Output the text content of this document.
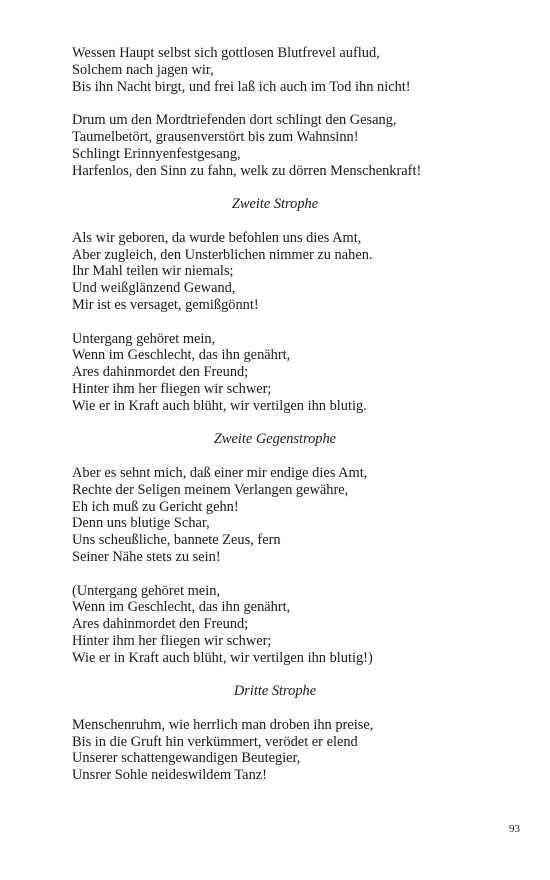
Wessen Haupt selbst sich gottlosen Blutfrevel auflud,
Solchem nach jagen wir,
Bis ihn Nacht birgt, und frei laß ich auch im Tod ihn nicht!
Drum um den Mordtriefenden dort schlingt den Gesang,
Taumelbetört, grausenverstört bis zum Wahnsinn!
Schlingt Erinnyenfestgesang,
Harfenlos, den Sinn zu fahn, welk zu dörren Menschenkraft!
Zweite Strophe
Als wir geboren, da wurde befohlen uns dies Amt,
Aber zugleich, den Unsterblichen nimmer zu nahen.
Ihr Mahl teilen wir niemals;
Und weißglänzend Gewand,
Mir ist es versaget, gemißgönnt!
Untergang gehöret mein,
Wenn im Geschlecht, das ihn genährt,
Ares dahinmordet den Freund;
Hinter ihm her fliegen wir schwer;
Wie er in Kraft auch blüht, wir vertilgen ihn blutig.
Zweite Gegenstrophe
Aber es sehnt mich, daß einer mir endige dies Amt,
Rechte der Seligen meinem Verlangen gewähre,
Eh ich muß zu Gericht gehn!
Denn uns blutige Schar,
Uns scheußliche, bannete Zeus, fern
Seiner Nähe stets zu sein!
(Untergang gehöret mein,
Wenn im Geschlecht, das ihn genährt,
Ares dahinmordet den Freund;
Hinter ihm her fliegen wir schwer;
Wie er in Kraft auch blüht, wir vertilgen ihn blutig!)
Dritte Strophe
Menschenruhm, wie herrlich man droben ihn preise,
Bis in die Gruft hin verkümmert, verödet er elend
Unserer schattengewandigen Beutegier,
Unsrer Sohle neideswildem Tanz!
93
